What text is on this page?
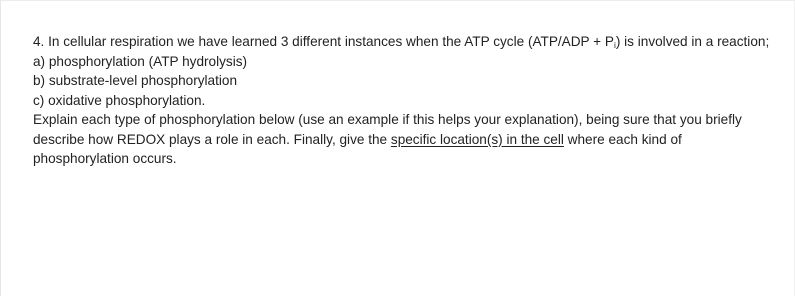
4. In cellular respiration we have learned 3 different instances when the ATP cycle $(ATP/ADP + P_i)$ is involved in a reaction;

a) phosphorylation (ATP hydrolysis)

b) substrate-level phosphorylation

c) oxidative phosphorylation.

Explain each type of phosphorylation below (use an example if this helps your explanation), being sure that you briefly describe how REDOX plays a role in each. Finally, give the specific location(s) in the cell where each kind of phosphorylation occurs.
